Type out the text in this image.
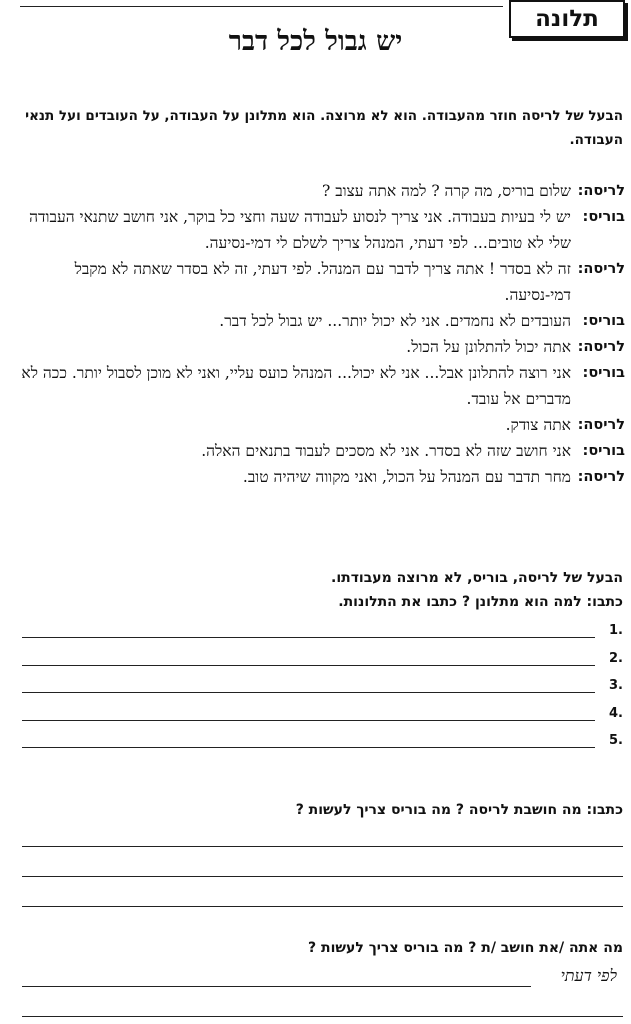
תלונה
יש גבול לכל דבר
הבעל של לריסה חוזר מהעבודה. הוא לא מרוצה. הוא מתלונן על העבודה, על העובדים ועל תנאי העבודה.
לריסה:
שלום בוריס, מה קרה ? למה אתה עצוב ?
בוריס:
יש לי בעיות בעבודה. אני צריך לנסוע לעבודה שעה וחצי כל בוקר, אני חושב שתנאי העבודה שלי לא טובים... לפי דעתי, המנהל צריך לשלם לי דמי-נסיעה.
לריסה:
זה לא בסדר ! אתה צריך לדבר עם המנהל. לפי דעתי, זה לא בסדר שאתה לא מקבל דמי-נסיעה.
בוריס:
העובדים לא נחמדים. אני לא יכול יותר... יש גבול לכל דבר.
לריסה:
אתה יכול להתלונן על הכול.
בוריס:
אני רוצה להתלונן אבל... אני לא יכול... המנהל כועס עליי, ואני לא מוכן לסבול יותר. ככה לא מדברים אל עובד.
לריסה:
אתה צודק.
בוריס:
אני חושב שזה לא בסדר. אני לא מסכים לעבוד בתנאים האלה.
לריסה:
מחר תדבר עם המנהל על הכול, ואני מקווה שיהיה טוב.
הבעל של לריסה, בוריס, לא מרוצה מעבודתו.
כתבו: למה הוא מתלונן ? כתבו את התלונות.
.1
.2
.3
.4
.5
כתבו: מה חושבת לריסה ? מה בוריס צריך לעשות ?
מה אתה /את חושב /ת ? מה בוריס צריך לעשות ?
לפי דעתי
